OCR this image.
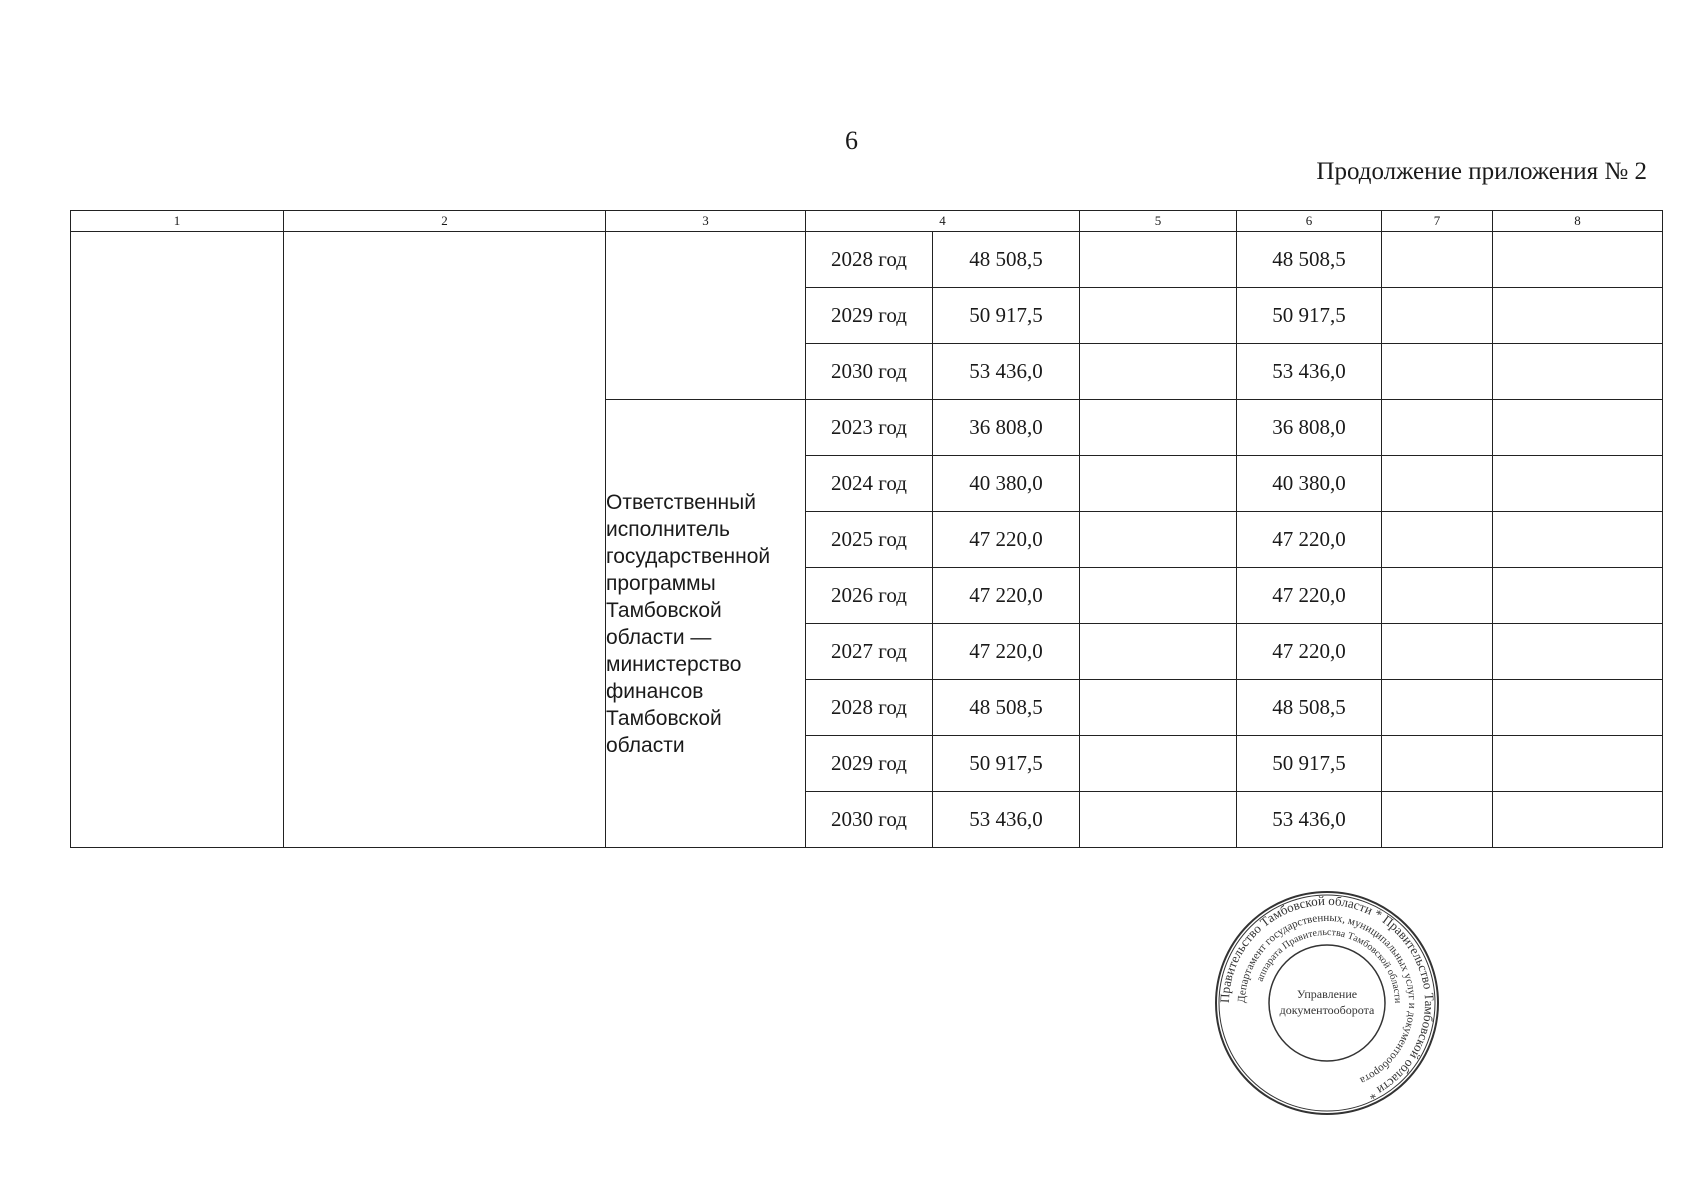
6
Продолжение приложения № 2
1	2	3	4		5	6	7	8
			2028 год	48 508,5		48 508,5		
			2029 год	50 917,5		50 917,5		
			2030 год	53 436,0		53 436,0		
		Ответственный исполнитель государственной программы Тамбовской области — министерство финансов Тамбовской области	2023 год	36 808,0		36 808,0		
			2024 год	40 380,0		40 380,0		
			2025 год	47 220,0		47 220,0		
			2026 год	47 220,0		47 220,0		
			2027 год	47 220,0		47 220,0		
			2028 год	48 508,5		48 508,5		
			2029 год	50 917,5		50 917,5		
			2030 год	53 436,0		53 436,0		
Правительство Тамбовской области * Правительство Тамбовской области *
Департамент государственных, муниципальных услуг и документооборота
аппарата Правительства Тамбовской области
Управление
документооборота
